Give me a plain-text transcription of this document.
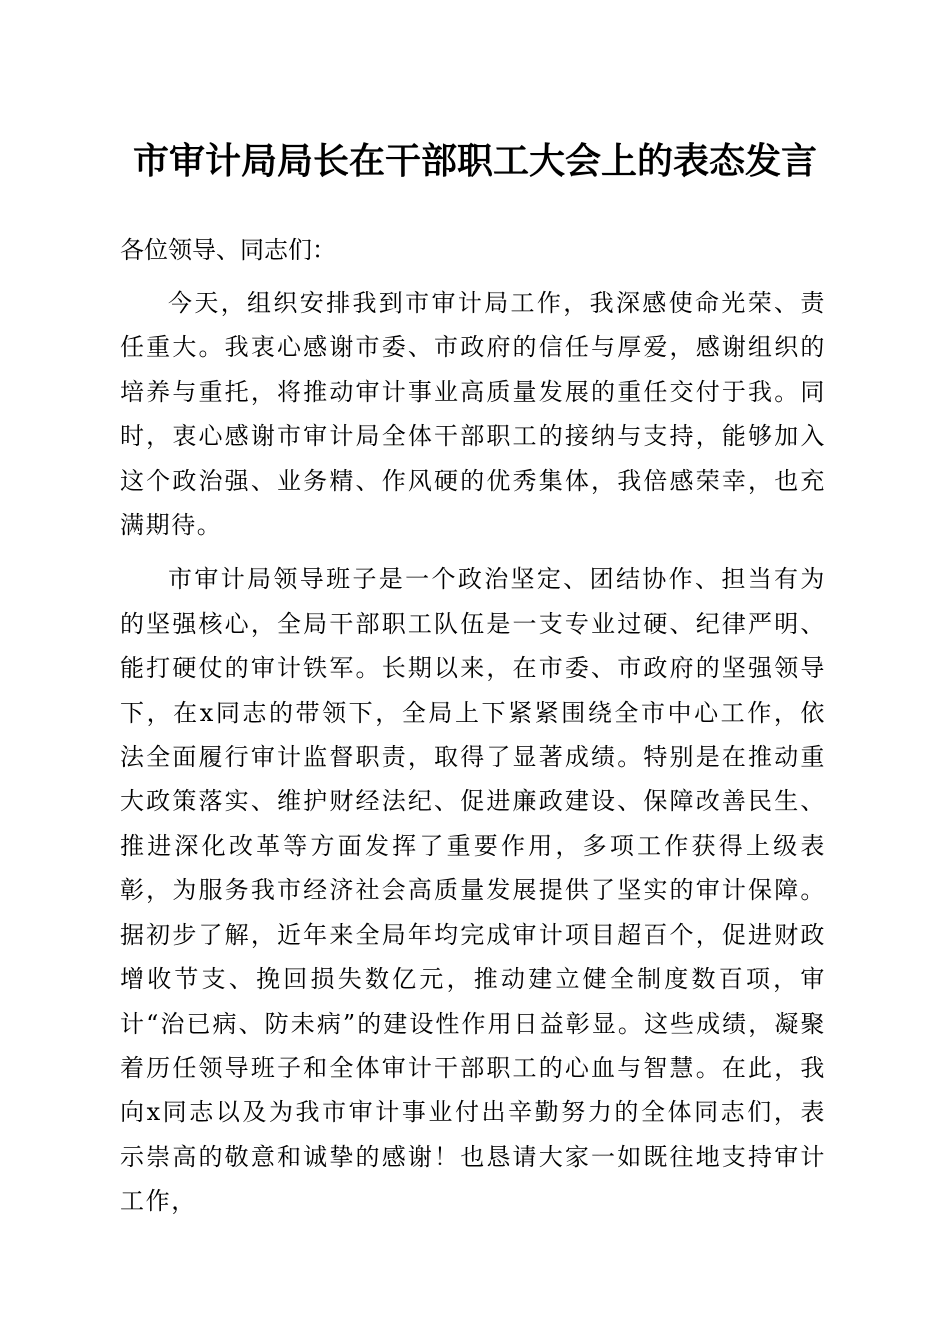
市审计局局长在干部职工大会上的表态发言

各位领导、同志们：

今天，组织安排我到市审计局工作，我深感使命光荣、责任重大。我衷心感谢市委、市政府的信任与厚爱，感谢组织的培养与重托，将推动审计事业高质量发展的重任交付于我。同时，衷心感谢市审计局全体干部职工的接纳与支持，能够加入这个政治强、业务精、作风硬的优秀集体，我倍感荣幸，也充满期待。

市审计局领导班子是一个政治坚定、团结协作、担当有为的坚强核心，全局干部职工队伍是一支专业过硬、纪律严明、能打硬仗的审计铁军。长期以来，在市委、市政府的坚强领导下，在x同志的带领下，全局上下紧紧围绕全市中心工作，依法全面履行审计监督职责，取得了显著成绩。特别是在推动重大政策落实、维护财经法纪、促进廉政建设、保障改善民生、推进深化改革等方面发挥了重要作用，多项工作获得上级表彰，为服务我市经济社会高质量发展提供了坚实的审计保障。据初步了解，近年来全局年均完成审计项目超百个，促进财政增收节支、挽回损失数亿元，推动建立健全制度数百项，审计“治已病、防未病”的建设性作用日益彰显。这些成绩，凝聚着历任领导班子和全体审计干部职工的心血与智慧。在此，我向x同志以及为我市审计事业付出辛勤努力的全体同志们，表示崇高的敬意和诚挚的感谢！也恳请大家一如既往地支持审计工作，
